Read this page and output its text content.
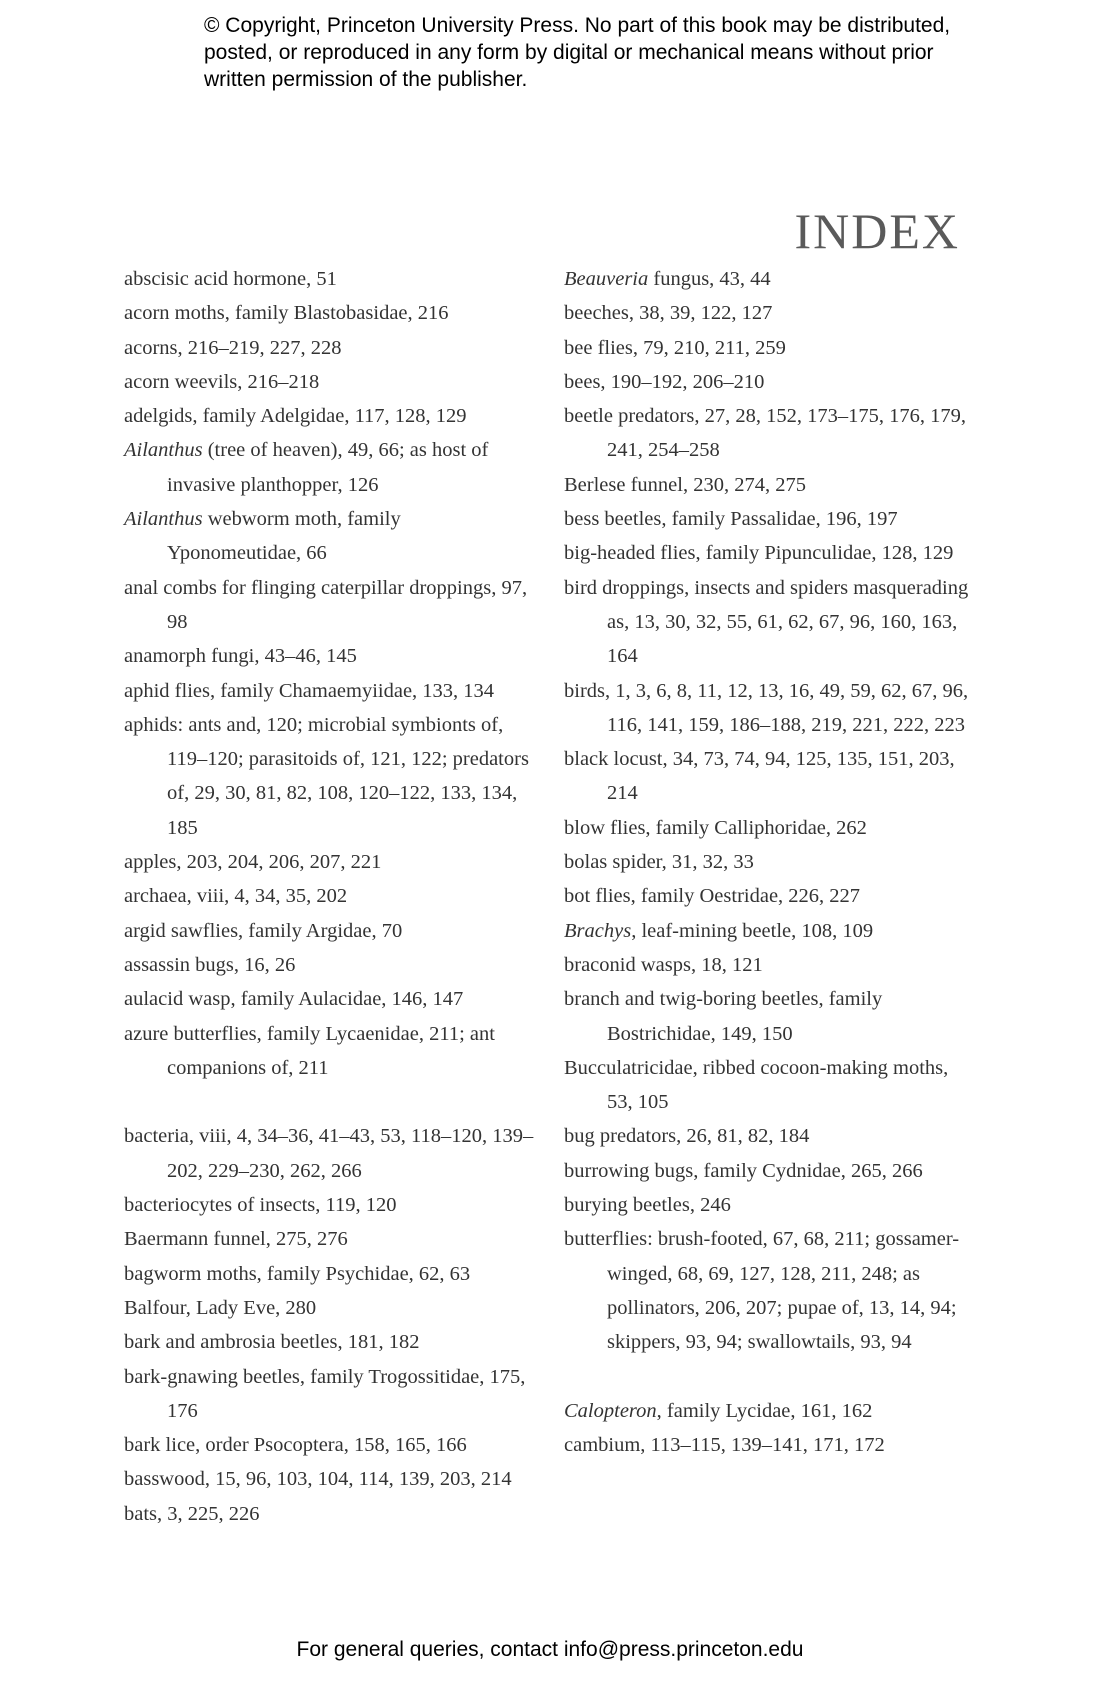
© Copyright, Princeton University Press. No part of this book may be distributed, posted, or reproduced in any form by digital or mechanical means without prior written permission of the publisher.
INDEX
abscisic acid hormone, 51
acorn moths, family Blastobasidae, 216
acorns, 216–219, 227, 228
acorn weevils, 216–218
adelgids, family Adelgidae, 117, 128, 129
Ailanthus (tree of heaven), 49, 66; as host of invasive planthopper, 126
Ailanthus webworm moth, family Yponomeutidae, 66
anal combs for flinging caterpillar droppings, 97, 98
anamorph fungi, 43–46, 145
aphid flies, family Chamaemyiidae, 133, 134
aphids: ants and, 120; microbial symbionts of, 119–120; parasitoids of, 121, 122; predators of, 29, 30, 81, 82, 108, 120–122, 133, 134, 185
apples, 203, 204, 206, 207, 221
archaea, viii, 4, 34, 35, 202
argid sawflies, family Argidae, 70
assassin bugs, 16, 26
aulacid wasp, family Aulacidae, 146, 147
azure butterflies, family Lycaenidae, 211; ant companions of, 211
bacteria, viii, 4, 34–36, 41–43, 53, 118–120, 139–202, 229–230, 262, 266
bacteriocytes of insects, 119, 120
Baermann funnel, 275, 276
bagworm moths, family Psychidae, 62, 63
Balfour, Lady Eve, 280
bark and ambrosia beetles, 181, 182
bark-gnawing beetles, family Trogossitidae, 175, 176
bark lice, order Psocoptera, 158, 165, 166
basswood, 15, 96, 103, 104, 114, 139, 203, 214
bats, 3, 225, 226
Beauveria fungus, 43, 44
beeches, 38, 39, 122, 127
bee flies, 79, 210, 211, 259
bees, 190–192, 206–210
beetle predators, 27, 28, 152, 173–175, 176, 179, 241, 254–258
Berlese funnel, 230, 274, 275
bess beetles, family Passalidae, 196, 197
big-headed flies, family Pipunculidae, 128, 129
bird droppings, insects and spiders masquerading as, 13, 30, 32, 55, 61, 62, 67, 96, 160, 163, 164
birds, 1, 3, 6, 8, 11, 12, 13, 16, 49, 59, 62, 67, 96, 116, 141, 159, 186–188, 219, 221, 222, 223
black locust, 34, 73, 74, 94, 125, 135, 151, 203, 214
blow flies, family Calliphoridae, 262
bolas spider, 31, 32, 33
bot flies, family Oestridae, 226, 227
Brachys, leaf-mining beetle, 108, 109
braconid wasps, 18, 121
branch and twig-boring beetles, family Bostrichidae, 149, 150
Bucculatricidae, ribbed cocoon-making moths, 53, 105
bug predators, 26, 81, 82, 184
burrowing bugs, family Cydnidae, 265, 266
burying beetles, 246
butterflies: brush-footed, 67, 68, 211; gossamer-winged, 68, 69, 127, 128, 211, 248; as pollinators, 206, 207; pupae of, 13, 14, 94; skippers, 93, 94; swallowtails, 93, 94
Calopteron, family Lycidae, 161, 162
cambium, 113–115, 139–141, 171, 172
For general queries, contact info@press.princeton.edu
